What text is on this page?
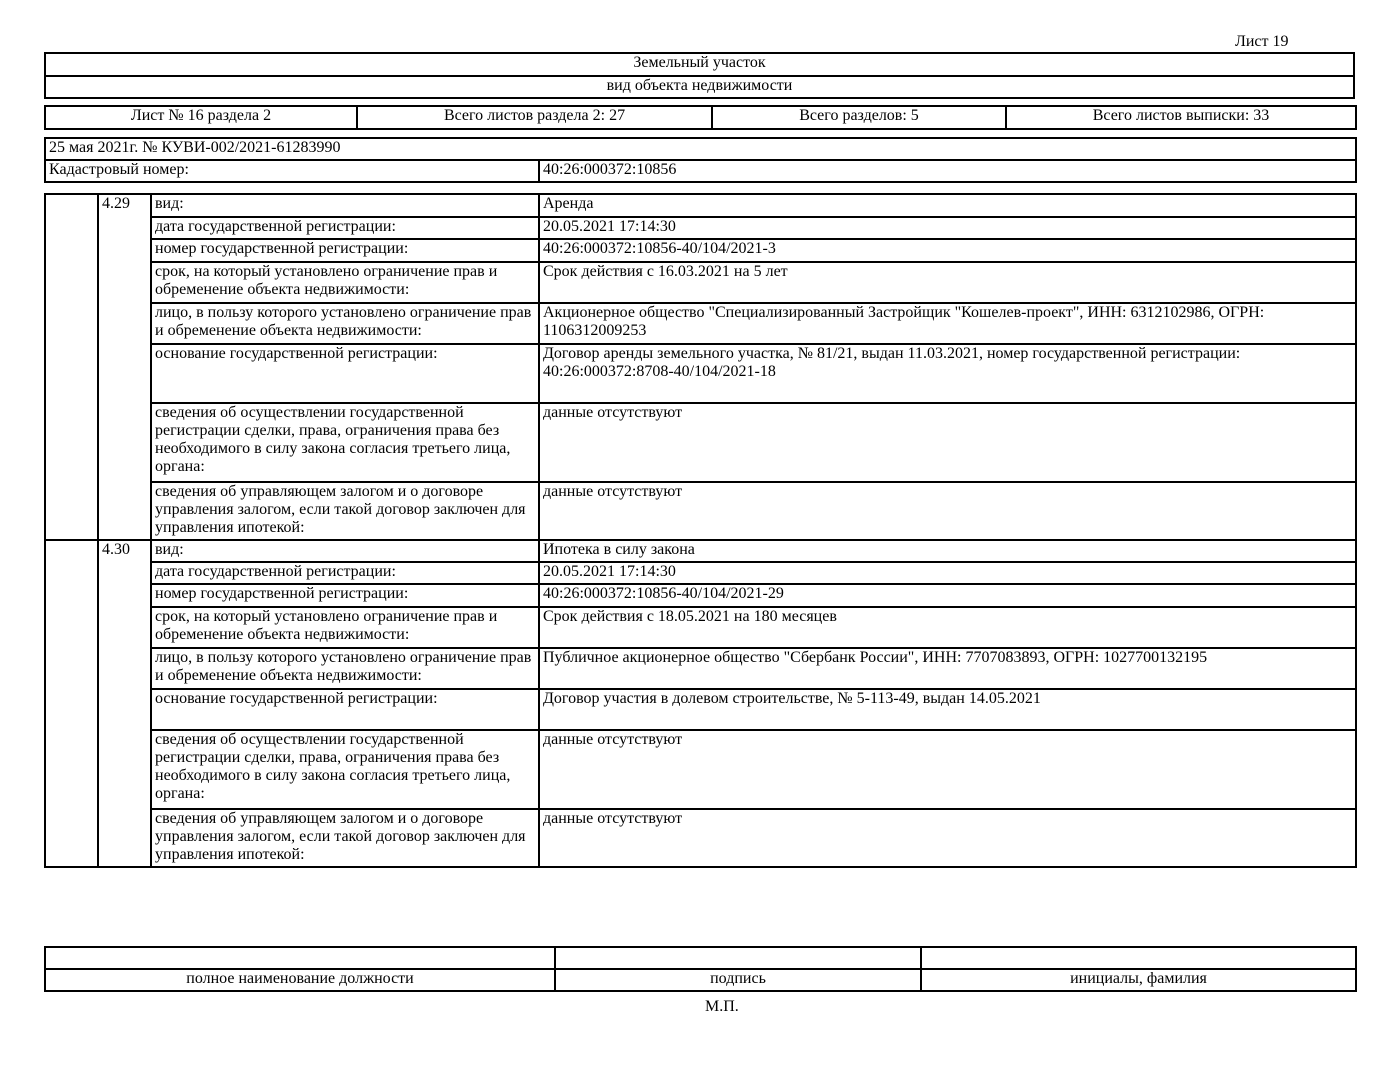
Лист 19
Земельный участок
вид объекта недвижимости
Лист № 16 раздела 2	Всего листов раздела 2: 27	Всего разделов: 5	Всего листов выписки: 33
25 мая 2021г. № КУВИ-002/2021-61283990
Кадастровый номер:	40:26:000372:10856
	4.29	вид:	Аренда
		дата государственной регистрации:	20.05.2021 17:14:30
		номер государственной регистрации:	40:26:000372:10856-40/104/2021-3
		срок, на который установлено ограничение прав и обременение объекта недвижимости:	Срок действия с 16.03.2021 на 5 лет
		лицо, в пользу которого установлено ограничение прав и обременение объекта недвижимости:	Акционерное общество "Специализированный Застройщик "Кошелев-проект", ИНН: 6312102986, ОГРН: 1106312009253
		основание государственной регистрации:	Договор аренды земельного участка, № 81/21, выдан 11.03.2021, номер государственной регистрации: 40:26:000372:8708-40/104/2021-18
		сведения об осуществлении государственной регистрации сделки, права, ограничения права без необходимого в силу закона согласия третьего лица, органа:	данные отсутствуют
		сведения об управляющем залогом и о договоре управления залогом, если такой договор заключен для управления ипотекой:	данные отсутствуют
	4.30	вид:	Ипотека в силу закона
		дата государственной регистрации:	20.05.2021 17:14:30
		номер государственной регистрации:	40:26:000372:10856-40/104/2021-29
		срок, на который установлено ограничение прав и обременение объекта недвижимости:	Срок действия с 18.05.2021 на 180 месяцев
		лицо, в пользу которого установлено ограничение прав и обременение объекта недвижимости:	Публичное акционерное общество "Сбербанк России", ИНН: 7707083893, ОГРН: 1027700132195
		основание государственной регистрации:	Договор участия в долевом строительстве, № 5-113-49, выдан 14.05.2021
		сведения об осуществлении государственной регистрации сделки, права, ограничения права без необходимого в силу закона согласия третьего лица, органа:	данные отсутствуют
		сведения об управляющем залогом и о договоре управления залогом, если такой договор заключен для управления ипотекой:	данные отсутствуют

полное наименование должности	подпись	инициалы, фамилия
М.П.
